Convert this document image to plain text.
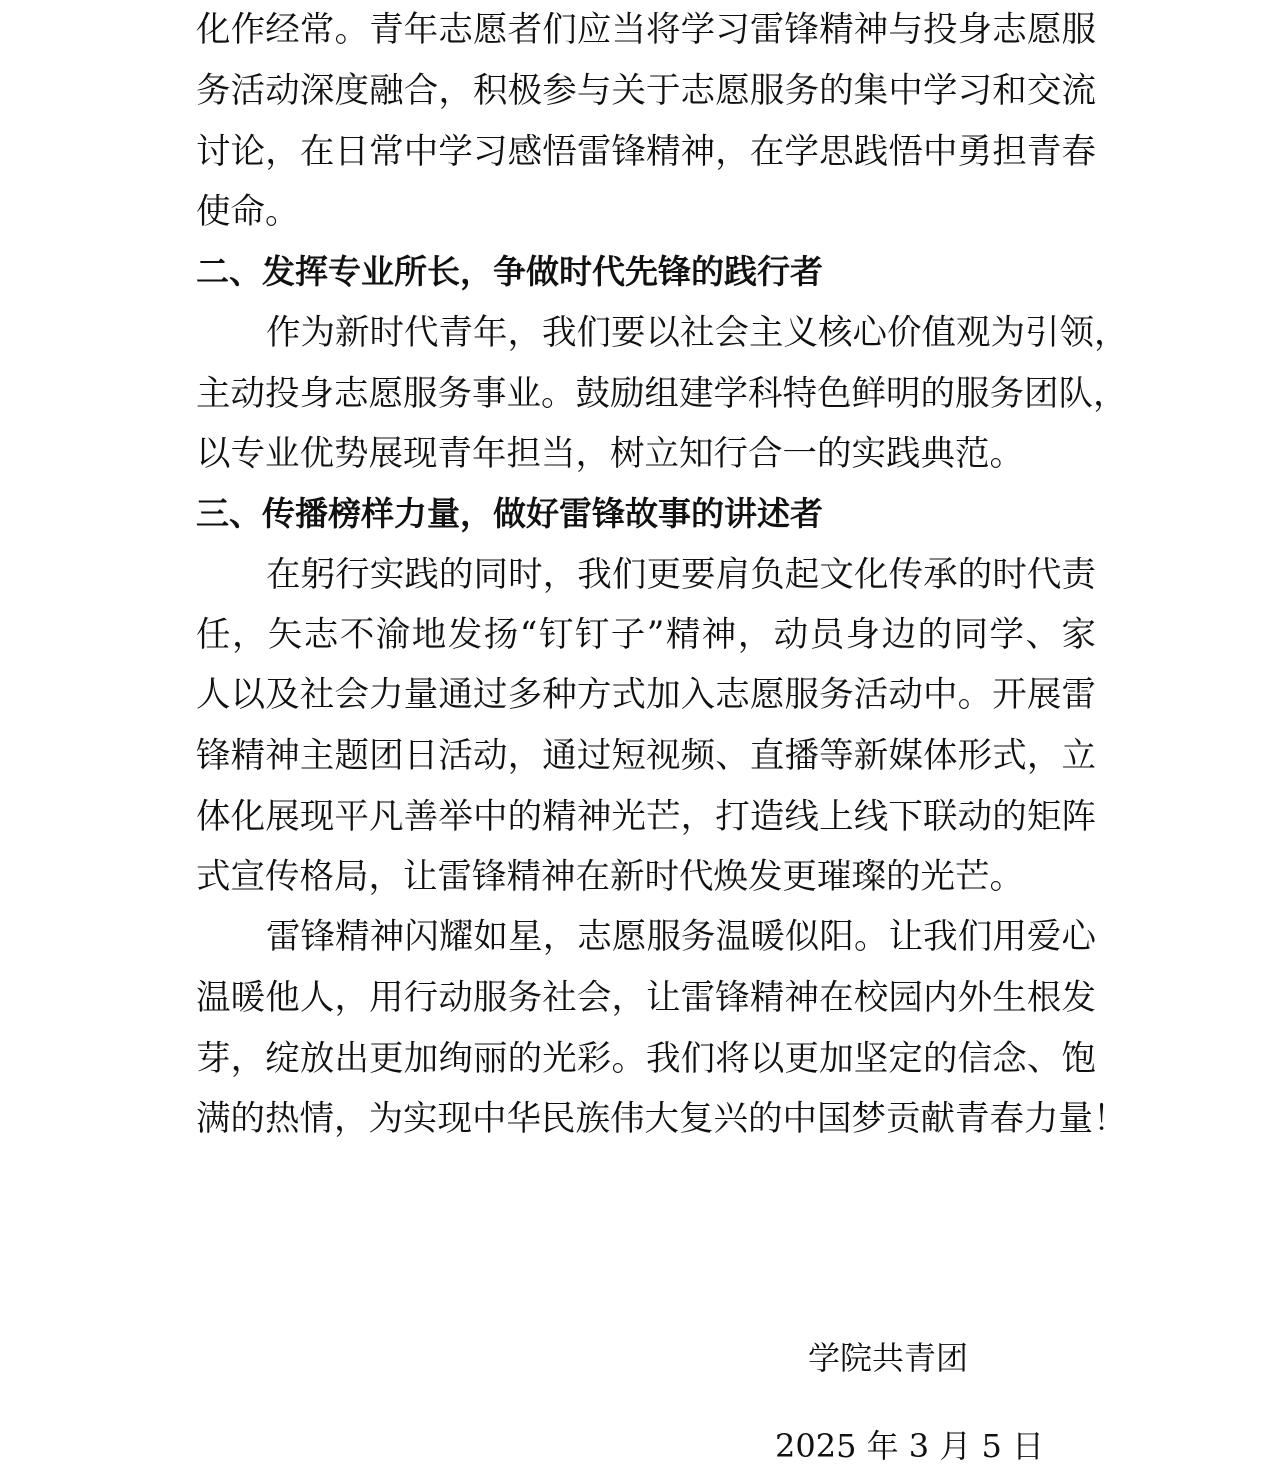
化作经常。青年志愿者们应当将学习雷锋精神与投身志愿服
务活动深度融合，积极参与关于志愿服务的集中学习和交流
讨论，在日常中学习感悟雷锋精神，在学思践悟中勇担青春
使命。
二、发挥专业所长，争做时代先锋的践行者
作为新时代青年，我们要以社会主义核心价值观为引领，
主动投身志愿服务事业。鼓励组建学科特色鲜明的服务团队，
以专业优势展现青年担当，树立知行合一的实践典范。
三、传播榜样力量，做好雷锋故事的讲述者
在躬行实践的同时，我们更要肩负起文化传承的时代责
任，矢志不渝地发扬“钉钉子”精神，动员身边的同学、家
人以及社会力量通过多种方式加入志愿服务活动中。开展雷
锋精神主题团日活动，通过短视频、直播等新媒体形式，立
体化展现平凡善举中的精神光芒，打造线上线下联动的矩阵
式宣传格局，让雷锋精神在新时代焕发更璀璨的光芒。
雷锋精神闪耀如星，志愿服务温暖似阳。让我们用爱心
温暖他人，用行动服务社会，让雷锋精神在校园内外生根发
芽，绽放出更加绚丽的光彩。我们将以更加坚定的信念、饱
满的热情，为实现中华民族伟大复兴的中国梦贡献青春力量！
学院共青团
2025 年 3 月 5 日
